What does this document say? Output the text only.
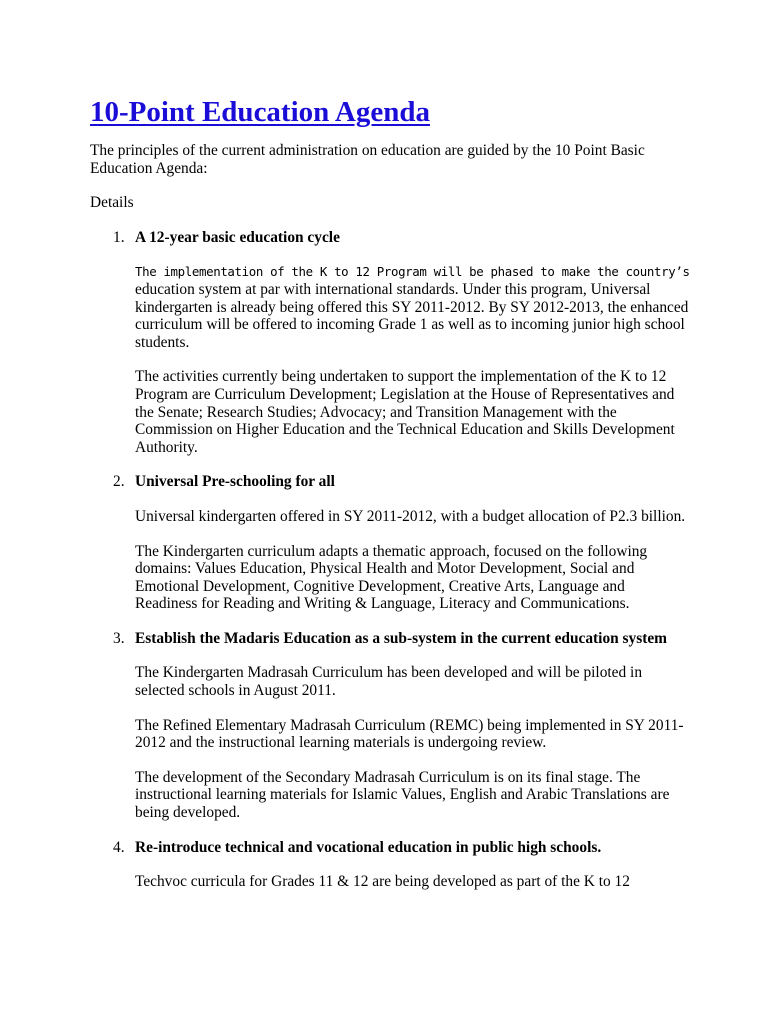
10-Point Education Agenda

The principles of the current administration on education are guided by the 10 Point Basic Education Agenda:

Details

1. A 12-year basic education cycle

The implementation of the K to 12 Program will be phased to make the country’s
education system at par with international standards. Under this program, Universal kindergarten is already being offered this SY 2011-2012. By SY 2012-2013, the enhanced curriculum will be offered to incoming Grade 1 as well as to incoming junior high school students.

The activities currently being undertaken to support the implementation of the K to 12 Program are Curriculum Development; Legislation at the House of Representatives and the Senate; Research Studies; Advocacy; and Transition Management with the Commission on Higher Education and the Technical Education and Skills Development Authority.

2. Universal Pre-schooling for all

Universal kindergarten offered in SY 2011-2012, with a budget allocation of P2.3 billion.

The Kindergarten curriculum adapts a thematic approach, focused on the following domains: Values Education, Physical Health and Motor Development, Social and Emotional Development, Cognitive Development, Creative Arts, Language and Readiness for Reading and Writing & Language, Literacy and Communications.

3. Establish the Madaris Education as a sub-system in the current education system

The Kindergarten Madrasah Curriculum has been developed and will be piloted in selected schools in August 2011.

The Refined Elementary Madrasah Curriculum (REMC) being implemented in SY 2011-2012 and the instructional learning materials is undergoing review.

The development of the Secondary Madrasah Curriculum is on its final stage. The instructional learning materials for Islamic Values, English and Arabic Translations are being developed.

4. Re-introduce technical and vocational education in public high schools.

Techvoc curricula for Grades 11 & 12 are being developed as part of the K to 12
